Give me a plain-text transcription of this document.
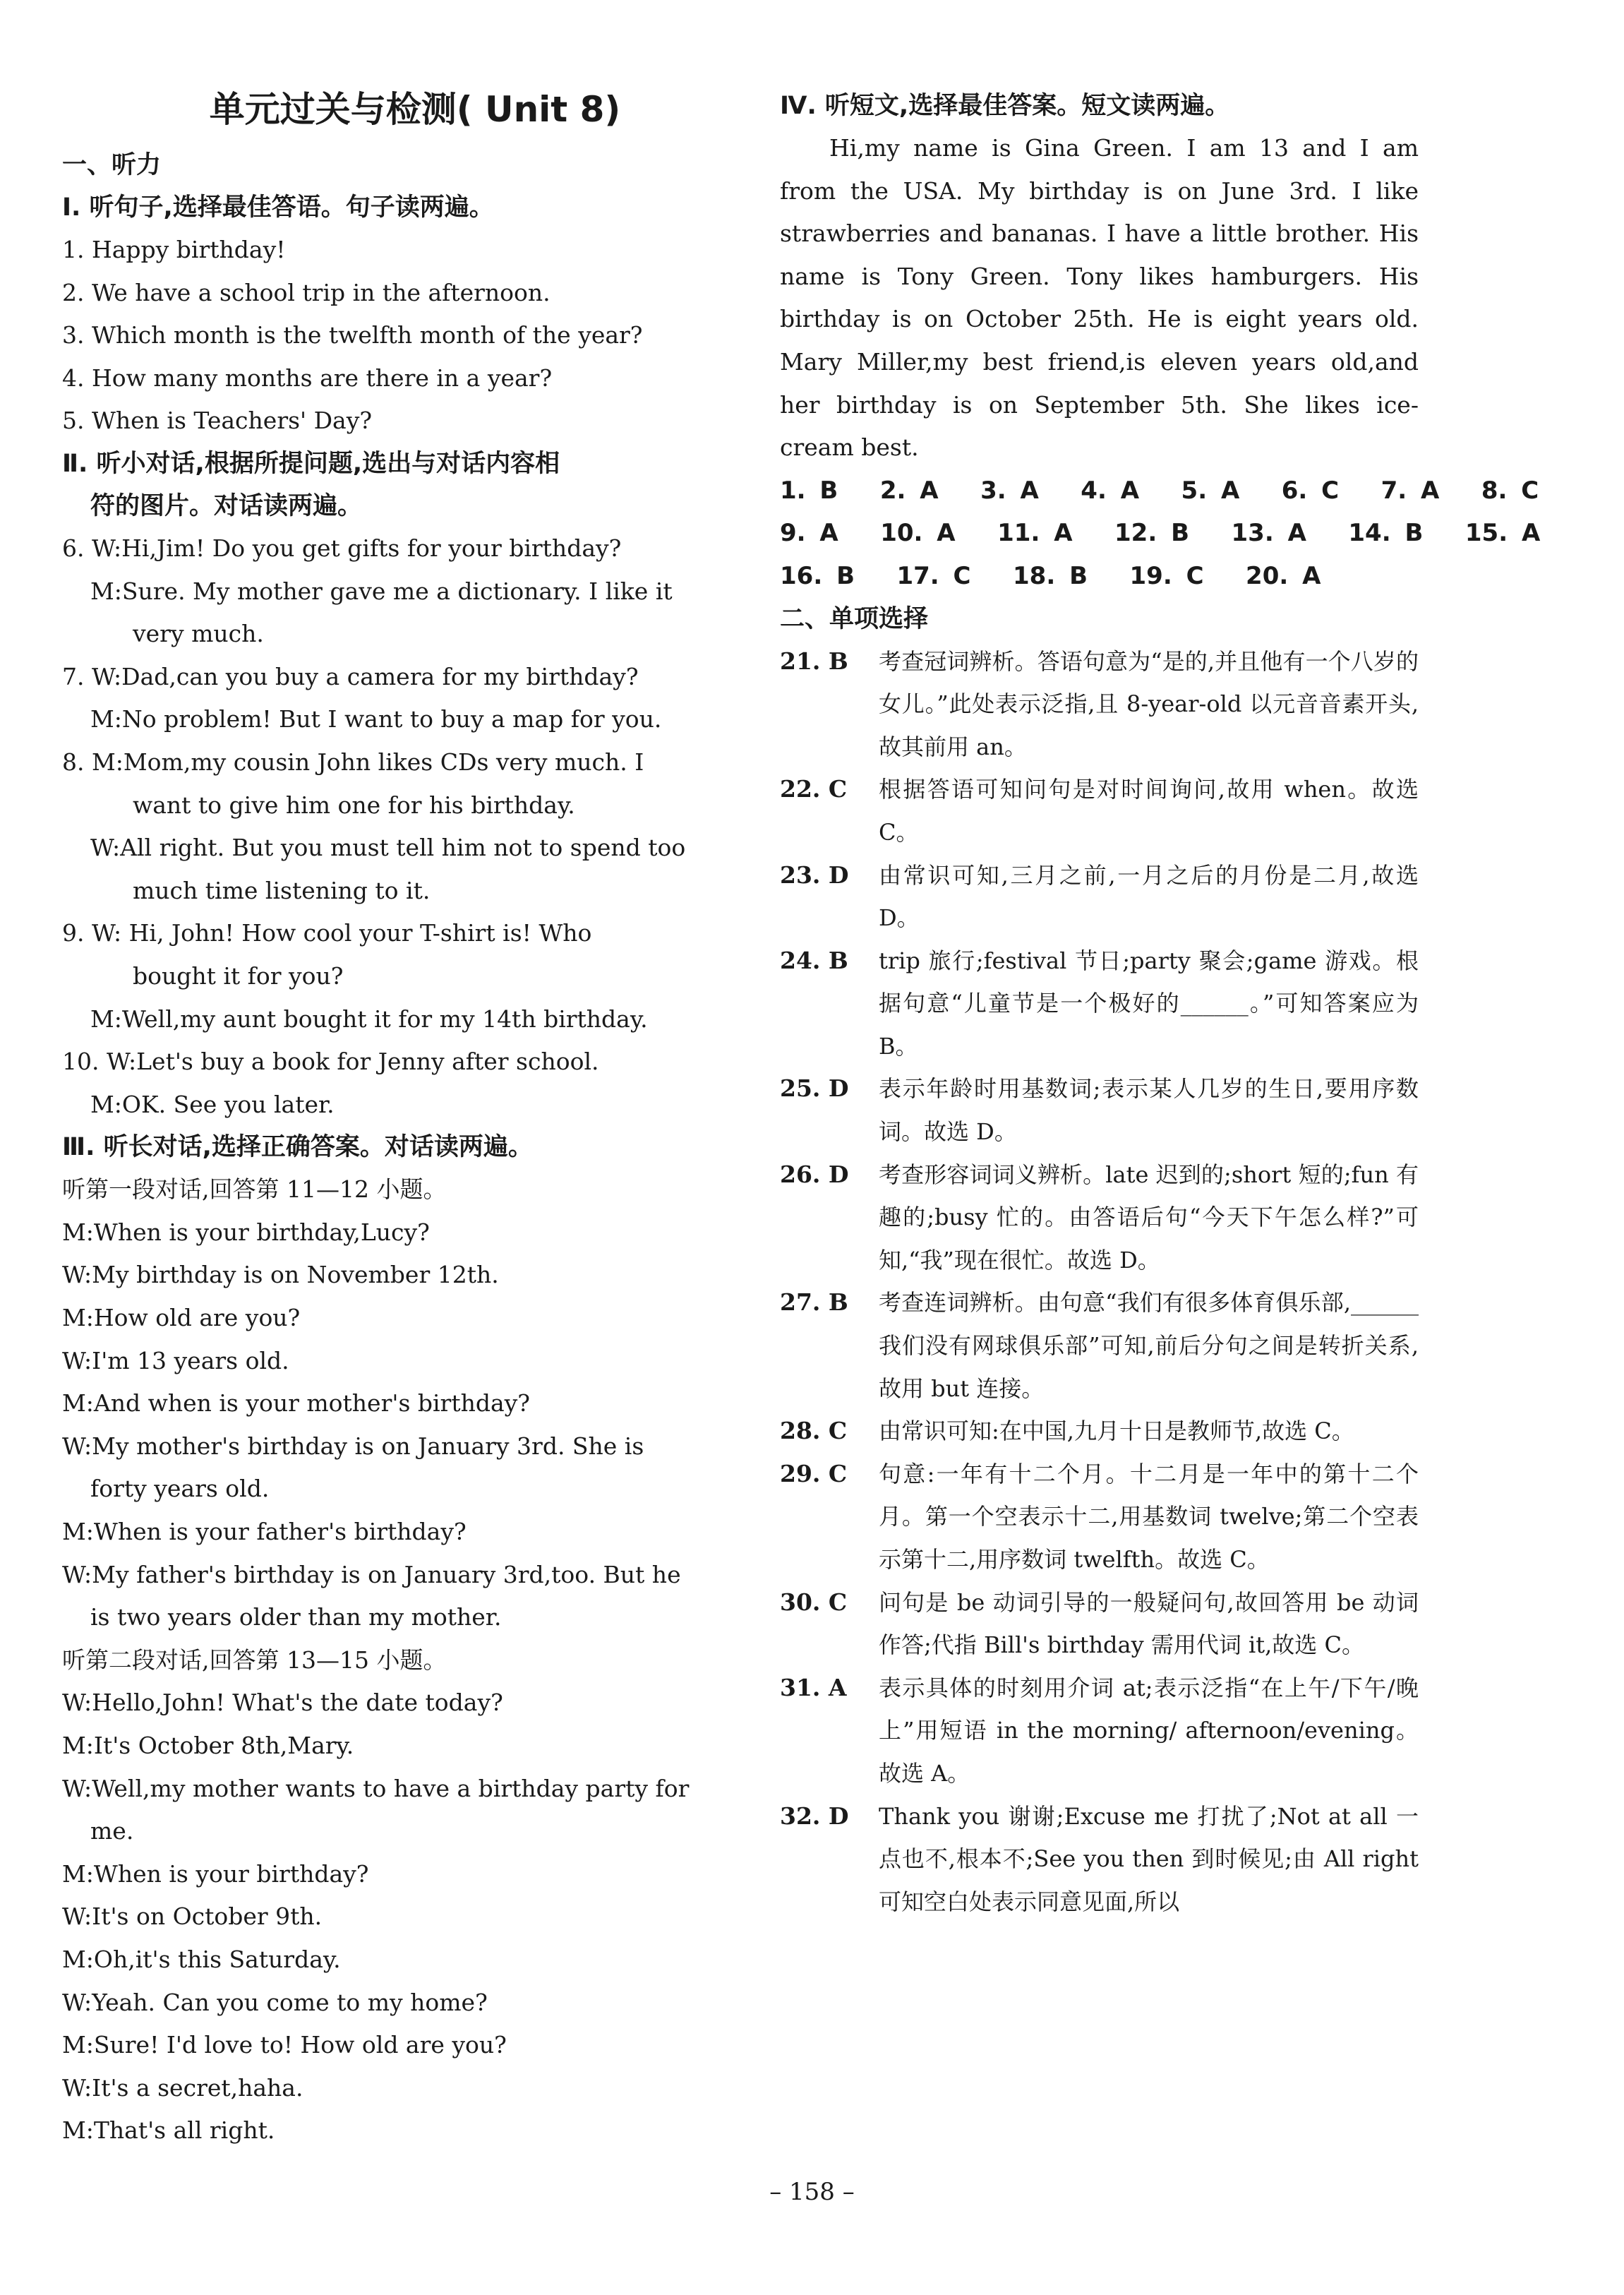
单元过关与检测( Unit 8)
一、听力
Ⅰ. 听句子,选择最佳答语。句子读两遍。

1. Happy birthday!

2. We have a school trip in the afternoon.

3. Which month is the twelfth month of the year?

4. How many months are there in a year?

5. When is Teachers' Day?

Ⅱ. 听小对话,根据所提问题,选出与对话内容相
符的图片。对话读两遍。

6. W:Hi,Jim! Do you get gifts for your birthday?

M:Sure. My mother gave me a dictionary. I like it

very much.

7. W:Dad,can you buy a camera for my birthday?

M:No problem! But I want to buy a map for you.

8. M:Mom,my cousin John likes CDs very much. I

want to give him one for his birthday.

W:All right. But you must tell him not to spend too

much time listening to it.

9. W: Hi, John! How cool your T-shirt is! Who

bought it for you?

M:Well,my aunt bought it for my 14th birthday.

10. W:Let's buy a book for Jenny after school.

M:OK. See you later.

Ⅲ. 听长对话,选择正确答案。对话读两遍。

听第一段对话,回答第 11—12 小题。

M:When is your birthday,Lucy?

W:My birthday is on November 12th.

M:How old are you?

W:I'm 13 years old.

M:And when is your mother's birthday?

W:My mother's birthday is on January 3rd. She is

forty years old.

M:When is your father's birthday?

W:My father's birthday is on January 3rd,too. But he

is two years older than my mother.

听第二段对话,回答第 13—15 小题。

W:Hello,John! What's the date today?

M:It's October 8th,Mary.

W:Well,my mother wants to have a birthday party for

me.

M:When is your birthday?

W:It's on October 9th.

M:Oh,it's this Saturday.

W:Yeah. Can you come to my home?

M:Sure! I'd love to! How old are you?

W:It's a secret,haha.

M:That's all right.

Ⅳ. 听短文,选择最佳答案。短文读两遍。

Hi,my name is Gina Green. I am 13 and I am from the USA. My birthday is on June 3rd. I like strawberries and bananas. I have a little brother. His name is Tony Green. Tony likes hamburgers. His birthday is on October 25th. He is eight years old. Mary Miller,my best friend,is eleven years old,and her birthday is on September 5th. She likes ice-cream best.

1. B   2. A   3. A   4. A   5. A   6. C   7. A   8. C

9. A   10. A   11. A   12. B   13. A   14. B   15. A

16. B   17. C   18. B   19. C   20. A

二、单项选择
21. B	考查冠词辨析。答语句意为“是的,并且他有一个八岁的女儿。”此处表示泛指,且 8-year-old 以元音音素开头,故其前用 an。
22. C	根据答语可知问句是对时间询问,故用 when。故选 C。
23. D	由常识可知,三月之前,一月之后的月份是二月,故选 D。
24. B	trip 旅行;festival 节日;party 聚会;game 游戏。根据句意“儿童节是一个极好的______。”可知答案应为 B。
25. D	表示年龄时用基数词;表示某人几岁的生日,要用序数词。故选 D。
26. D	考查形容词词义辨析。late 迟到的;short 短的;fun 有趣的;busy 忙的。由答语后句“今天下午怎么样?”可知,“我”现在很忙。故选 D。
27. B	考查连词辨析。由句意“我们有很多体育俱乐部,______我们没有网球俱乐部”可知,前后分句之间是转折关系,故用 but 连接。
28. C	由常识可知:在中国,九月十日是教师节,故选 C。
29. C	句意:一年有十二个月。十二月是一年中的第十二个月。第一个空表示十二,用基数词 twelve;第二个空表示第十二,用序数词 twelfth。故选 C。
30. C	问句是 be 动词引导的一般疑问句,故回答用 be 动词作答;代指 Bill's birthday 需用代词 it,故选 C。
31. A	表示具体的时刻用介词 at;表示泛指“在上午/下午/晚上”用短语 in the morning/ afternoon/evening。故选 A。
32. D	Thank you 谢谢;Excuse me 打扰了;Not at all 一点也不,根本不;See you then 到时候见;由 All right 可知空白处表示同意见面,所以
– 158 –
